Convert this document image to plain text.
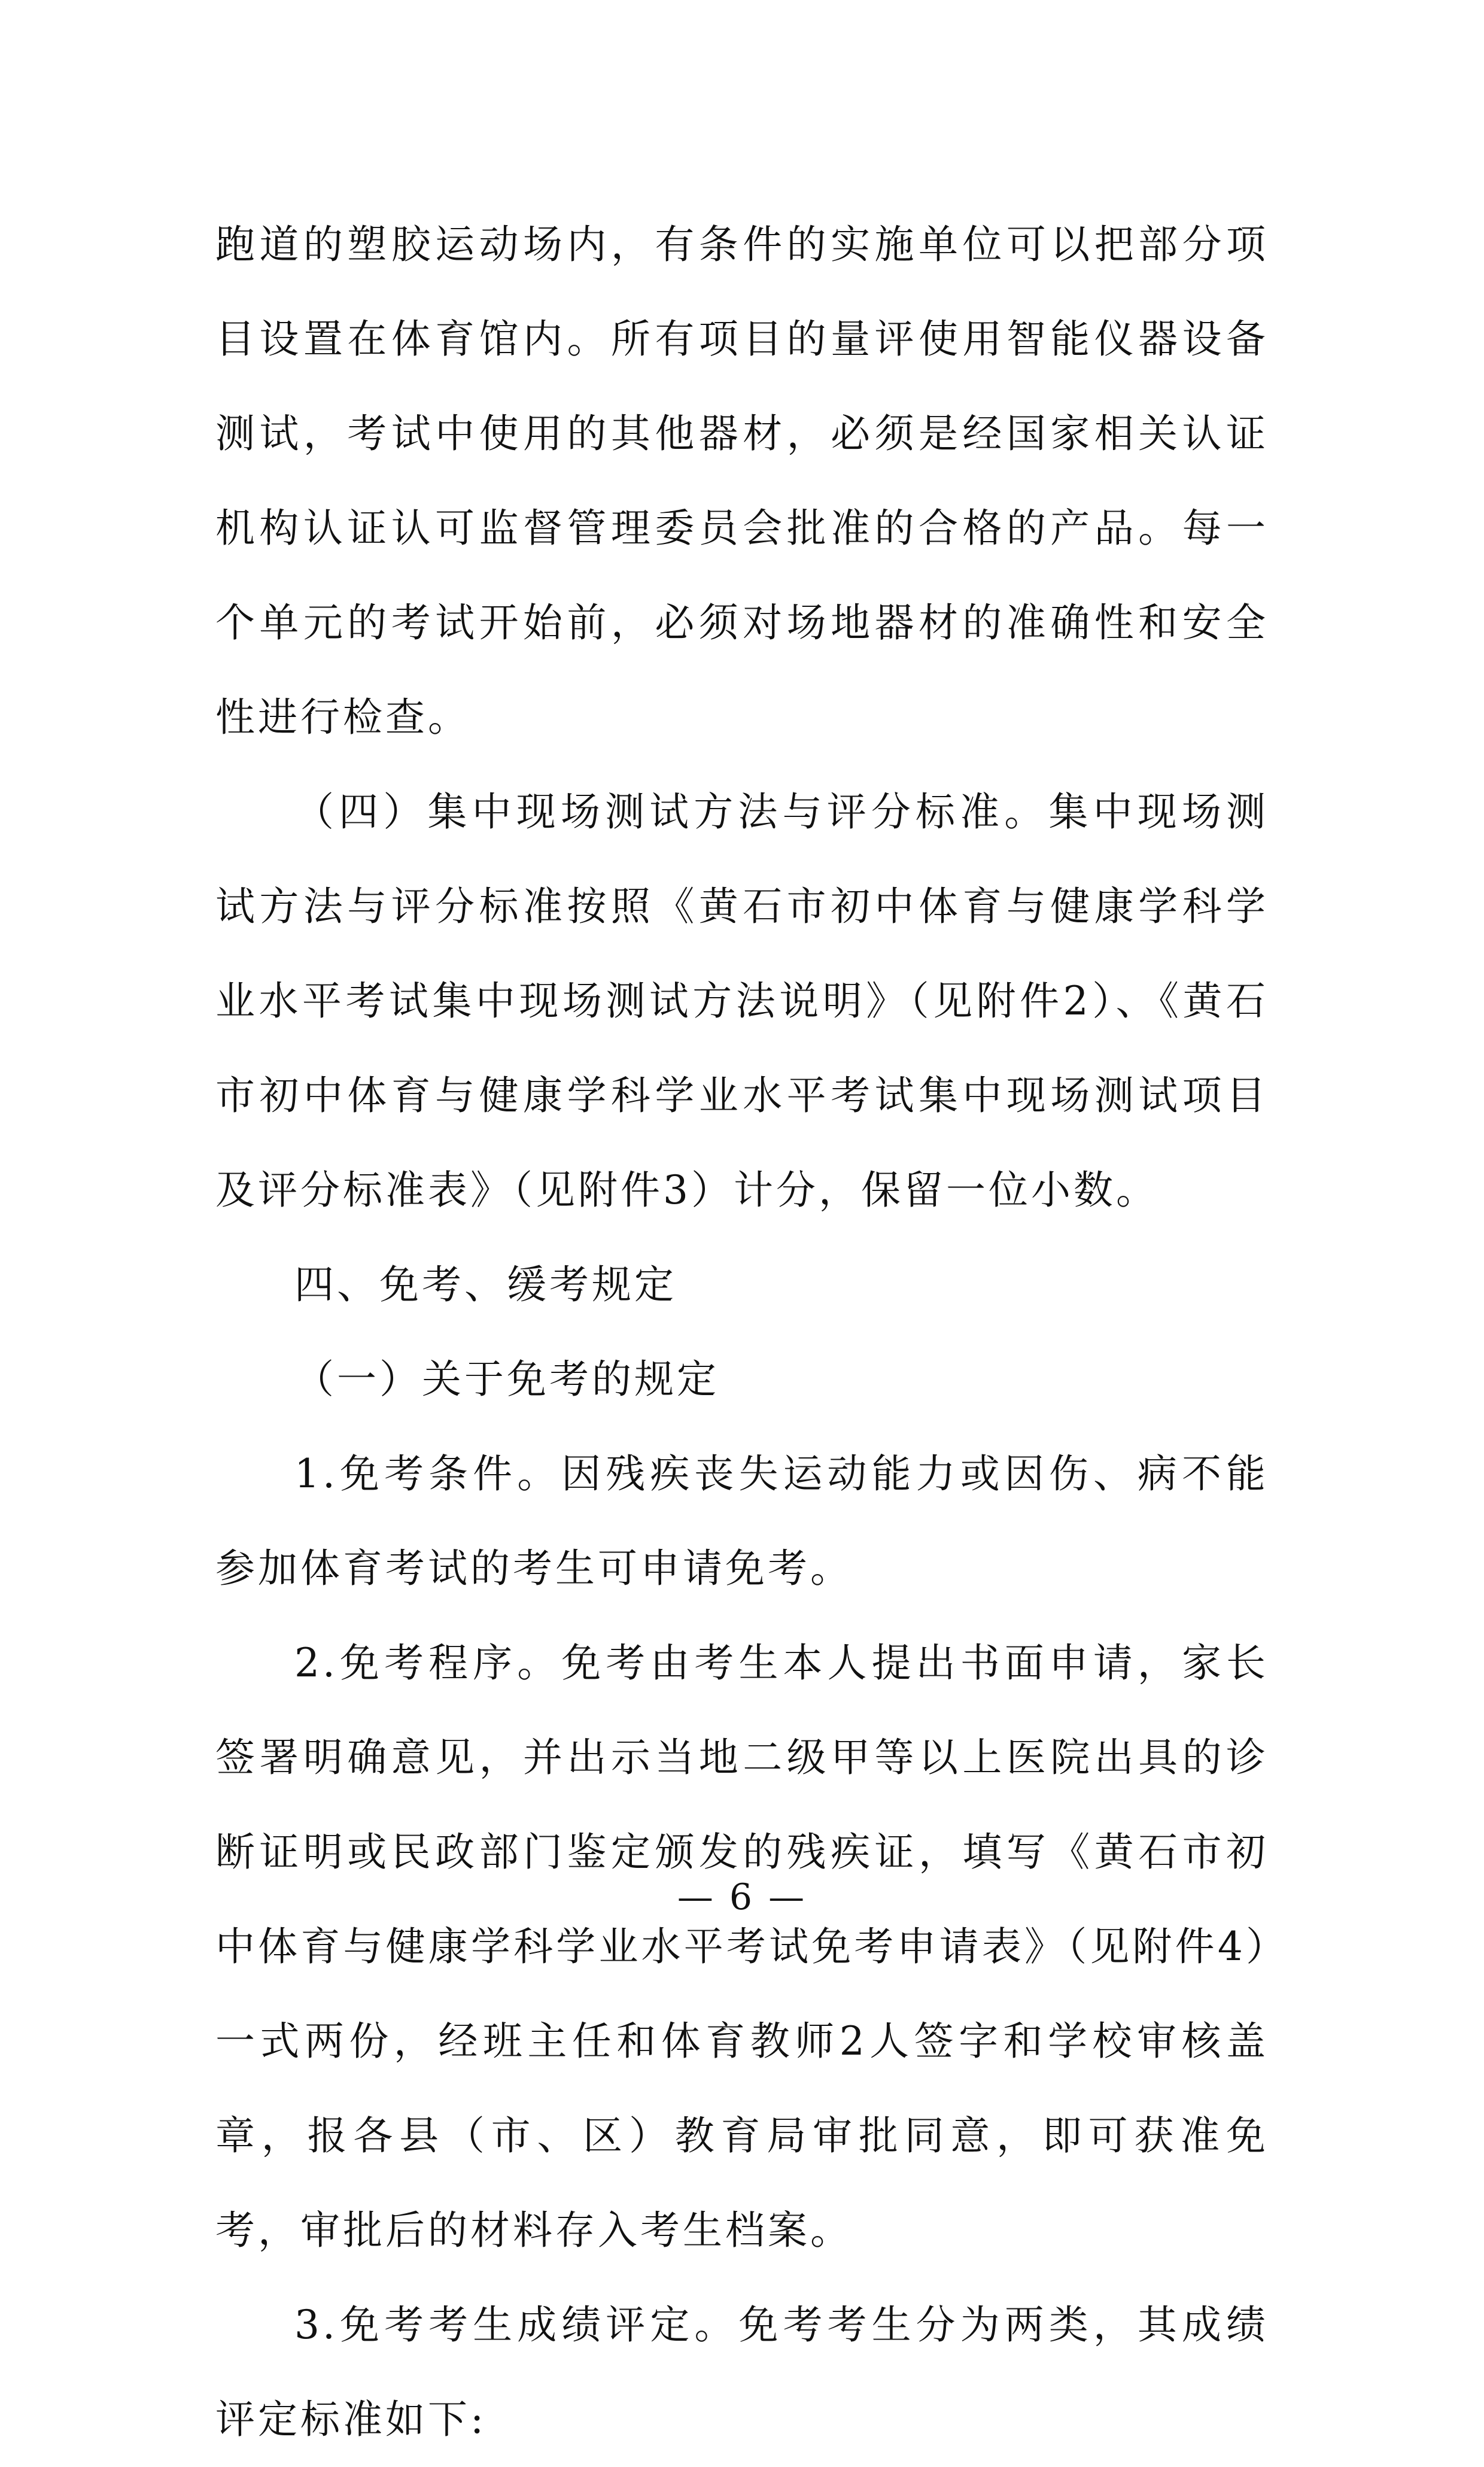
跑道的塑胶运动场内，有条件的实施单位可以把部分项目设置在体育馆内。所有项目的量评使用智能仪器设备测试，考试中使用的其他器材，必须是经国家相关认证机构认证认可监督管理委员会批准的合格的产品。每一个单元的考试开始前，必须对场地器材的准确性和安全性进行检查。

（四）集中现场测试方法与评分标准。集中现场测试方法与评分标准按照《黄石市初中体育与健康学科学业水平考试集中现场测试方法说明》（见附件2）、《黄石市初中体育与健康学科学业水平考试集中现场测试项目及评分标准表》（见附件3）计分，保留一位小数。

四、免考、缓考规定

（一）关于免考的规定

1.免考条件。因残疾丧失运动能力或因伤、病不能参加体育考试的考生可申请免考。

2.免考程序。免考由考生本人提出书面申请，家长签署明确意见，并出示当地二级甲等以上医院出具的诊断证明或民政部门鉴定颁发的残疾证，填写《黄石市初中体育与健康学科学业水平考试免考申请表》（见附件4）一式两份，经班主任和体育教师2人签字和学校审核盖章，报各县（市、区）教育局审批同意，即可获准免考，审批后的材料存入考生档案。

3.免考考生成绩评定。免考考生分为两类，其成绩评定标准如下:

— 6 —
